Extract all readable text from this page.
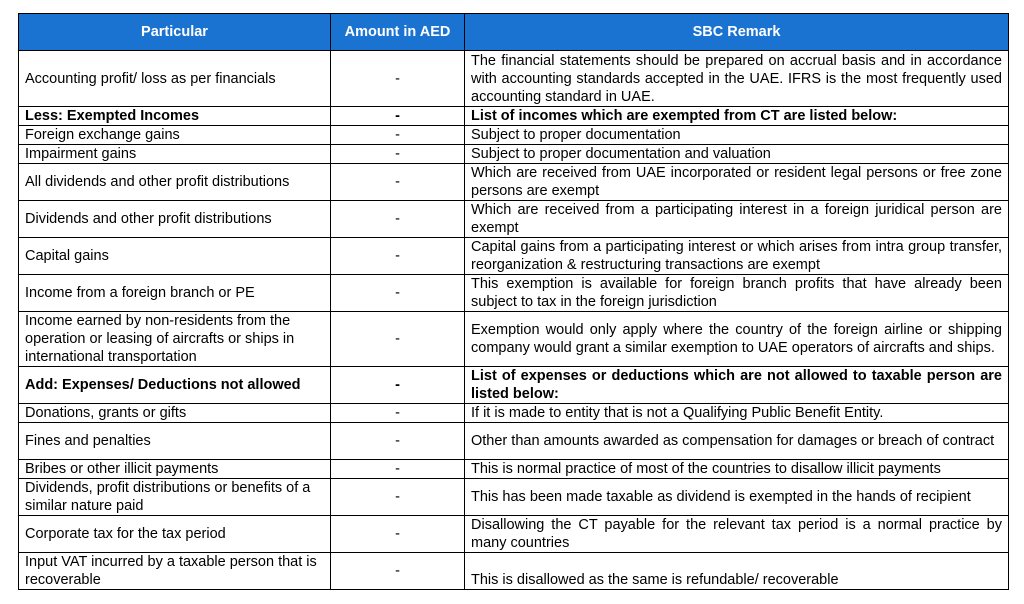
Particular	Amount in AED	SBC Remark
Accounting profit/ loss as per financials	-	The financial statements should be prepared on accrual basis and in accordance with accounting standards accepted in the UAE. IFRS is the most frequently used accounting standard in UAE.
Less: Exempted Incomes	-	List of incomes which are exempted from CT are listed below:
Foreign exchange gains	-	Subject to proper documentation
Impairment gains	-	Subject to proper documentation and valuation
All dividends and other profit distributions	-	Which are received from UAE incorporated or resident legal persons or free zone persons are exempt
Dividends and other profit distributions	-	Which are received from a participating interest in a foreign juridical person are exempt
Capital gains	-	Capital gains from a participating interest or which arises from intra group transfer, reorganization & restructuring transactions are exempt
Income from a foreign branch or PE	-	This exemption is available for foreign branch profits that have already been subject to tax in the foreign jurisdiction
Income earned by non-residents from the operation or leasing of aircrafts or ships in international transportation	-	Exemption would only apply where the country of the foreign airline or shipping company would grant a similar exemption to UAE operators of aircrafts and ships.
Add: Expenses/ Deductions not allowed	-	List of expenses or deductions which are not allowed to taxable person are listed below:
Donations, grants or gifts	-	If it is made to entity that is not a Qualifying Public Benefit Entity.
Fines and penalties	-	Other than amounts awarded as compensation for damages or breach of contract
Bribes or other illicit payments	-	This is normal practice of most of the countries to disallow illicit payments
Dividends, profit distributions or benefits of a similar nature paid	-	This has been made taxable as dividend is exempted in the hands of recipient
Corporate tax for the tax period	-	Disallowing the CT payable for the relevant tax period is a normal practice by many countries
Input VAT incurred by a taxable person that is recoverable	-	This is disallowed as the same is refundable/ recoverable
